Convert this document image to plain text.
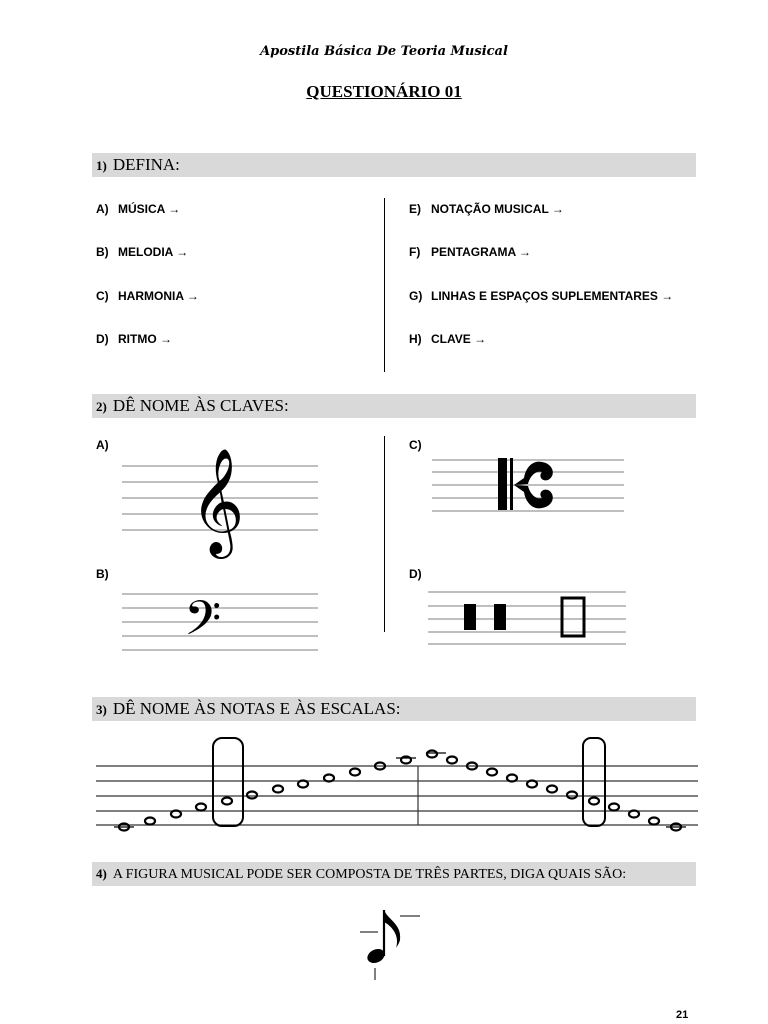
Apostila Básica De Teoria Musical
QUESTIONÁRIO 01
1) DEFINA:
A) MÚSICA →
B) MELODIA →
C) HARMONIA →
D) RITMO →
E) NOTAÇÃO MUSICAL →
F) PENTAGRAMA →
G) LINHAS E ESPAÇOS SUPLEMENTARES →
H) CLAVE →
2) DÊ NOME ÀS CLAVES:
A)
B)
C)
D)
𝄞
𝄢
3) DÊ NOME ÀS NOTAS E ÀS ESCALAS:
4) A FIGURA MUSICAL PODE SER COMPOSTA DE TRÊS PARTES, DIGA QUAIS SÃO:
21
